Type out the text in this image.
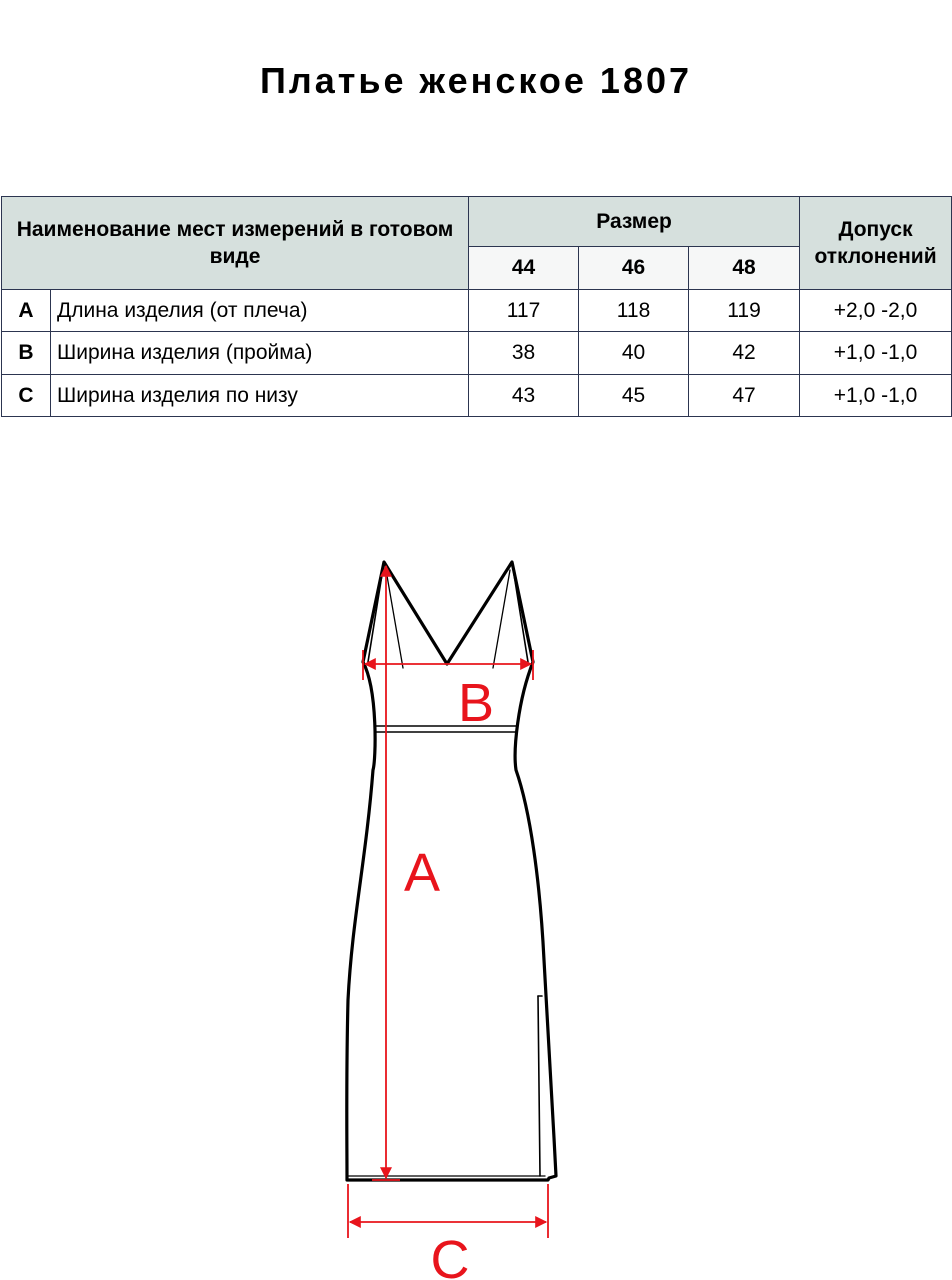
Платье женское 1807
Наименование мест измерений в готовом виде		Размер			Допуск отклонений
		44	46	48	
A	Длина изделия (от плеча)	117	118	119	+2,0 -2,0
B	Ширина изделия (пройма)	38	40	42	+1,0 -1,0
C	Ширина изделия по низу	43	45	47	+1,0 -1,0
B
A
C
